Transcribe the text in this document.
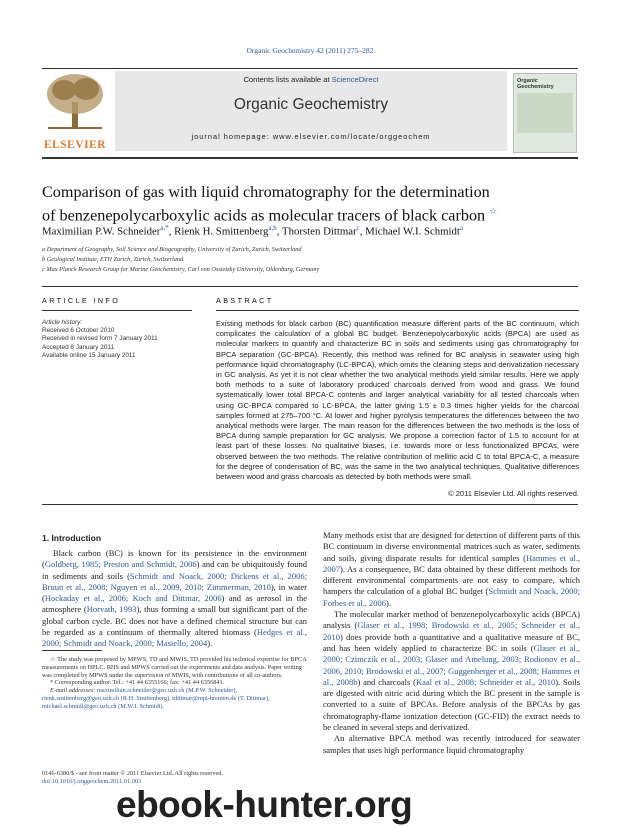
Organic Geochemistry 42 (2011) 275–282
ELSEVIER
Contents lists available at ScienceDirect
Organic Geochemistry
journal homepage: www.elsevier.com/locate/orggeochem
Organic Geochemistry
Comparison of gas with liquid chromatography for the determination
of benzenepolycarboxylic acids as molecular tracers of black carbon ☆
Maximilian P.W. Schneider$^{a,*}$, Rienk H. Smittenberg$^{a,b}$, Thorsten Dittmar$^c$, Michael W.I. Schmidt$^a$
a Department of Geography, Soil Science and Biogeography, University of Zurich, Zurich, Switzerland
b Geological Institute, ETH Zurich, Zurich, Switzerland
c Max Planck Research Group for Marine Geochemistry, Carl von Ossietzky University, Oldenburg, Germany
ARTICLE INFO	ABSTRACT
Article history:
Received 6 October 2010
Received in revised form 7 January 2011
Accepted 8 January 2011
Available online 15 January 2011
Existing methods for black carbon (BC) quantification measure different parts of the BC continuum, which complicates the calculation of a global BC budget. Benzenepolycarboxylic acids (BPCA) are used as molecular markers to quantify and characterize BC in soils and sediments using gas chromatography for BPCA separation (GC-BPCA). Recently, this method was refined for BC analysis in seawater using high performance liquid chromatography (LC-BPCA), which omits the cleaning steps and derivatization necessary in GC analysis. As yet it is not clear whether the two analytical methods yield similar results. Here we apply both methods to a suite of laboratory produced charcoals derived from wood and grass. We found systematically lower total BPCA-C contents and larger analytical variability for all tested charcoals when using GC-BPCA compared to LC-BPCA, the latter giving 1.5 ± 0.3 times higher yields for the charcoal samples formed at 275–700 °C. At lower and higher pyrolysis temperatures the differences between the two analytical methods were larger. The main reason for the differences between the two methods is the loss of BPCA during sample preparation for GC analysis. We propose a correction factor of 1.5 to account for at least part of these losses. No qualitative biases, i.e. towards more or less functionalized BPCAs, were observed between the two methods. The relative contribution of mellitic acid C to total BPCA-C, a measure for the degree of condensation of BC, was the same in the two analytical techniques. Qualitative differences between wood and grass charcoals as detected by both methods were small.
© 2011 Elsevier Ltd. All rights reserved.
1. Introduction

Black carbon (BC) is known for its persistence in the environment (Goldberg, 1985; Preston and Schmidt, 2006) and can be ubiquitously found in sediments and soils (Schmidt and Noack, 2000; Dickens et al., 2006; Bruun et al., 2008; Nguyen et al., 2009, 2010; Zimmerman, 2010), in water (Hockaday et al., 2006; Koch and Dittmar, 2006) and as aerosol in the atmosphere (Horvath, 1993), thus forming a small but significant part of the global carbon cycle. BC does not have a defined chemical structure but can be regarded as a continuum of thermally altered biomass (Hedges et al., 2000; Schmidt and Noack, 2000; Masiello, 2004).

☆ The study was proposed by MPWS, TD and MWIS. TD provided his technical expertise for BPCA measurements on HPLC. RHS and MPWS carried out the experiments and data analysis. Paper writing was completed by MPWS under the supervision of MWIS, with contributions of all co-authors.
* Corresponding author. Tel.: +41 44 6355166; fax: +41 44 6356841.
E-mail addresses: maximilian.schneider@geo.uzh.ch (M.P.W. Schneider), rienk.smittenberg@geo.uzh.ch (R.H. Smittenberg), tdittmar@mpi-bremen.de (T. Dittmar), michael.schmidt@geo.uzh.ch (M.W.I. Schmidt).
0146-6380/$ - see front matter © 2011 Elsevier Ltd. All rights reserved.
doi:10.1016/j.orggeochem.2011.01.003

Many methods exist that are designed for detection of different parts of this BC continuum in diverse environmental matrices such as water, sediments and soils, giving disparate results for identical samples (Hammes et al., 2007). As a consequence, BC data obtained by these different methods for different environmental compartments are not easy to compare, which hampers the calculation of a global BC budget (Schmidt and Noack, 2000; Forbes et al., 2006).

The molecular marker method of benzenepolycarboxylic acids (BPCA) analysis (Glaser et al., 1998; Brodowski et al., 2005; Schneider et al., 2010) does provide both a quantitative and a qualitative measure of BC, and has been widely applied to characterize BC in soils (Glaser et al., 2000; Czimczik et al., 2003; Glaser and Amelung, 2003; Rodionov et al., 2006, 2010; Brodowski et al., 2007; Guggenberger et al., 2008; Hammes et al., 2008b) and charcoals (Kaal et al., 2008; Schneider et al., 2010). Soils are digested with nitric acid during which the BC present in the sample is converted to a suite of BPCAs. Before analysis of the BPCAs by gas chromatography-flame ionization detection (GC-FID) the extract needs to be cleaned in several steps and derivatized.

An alternative BPCA method was recently introduced for seawater samples that uses high performance liquid chromatography

ebook-hunter.org
